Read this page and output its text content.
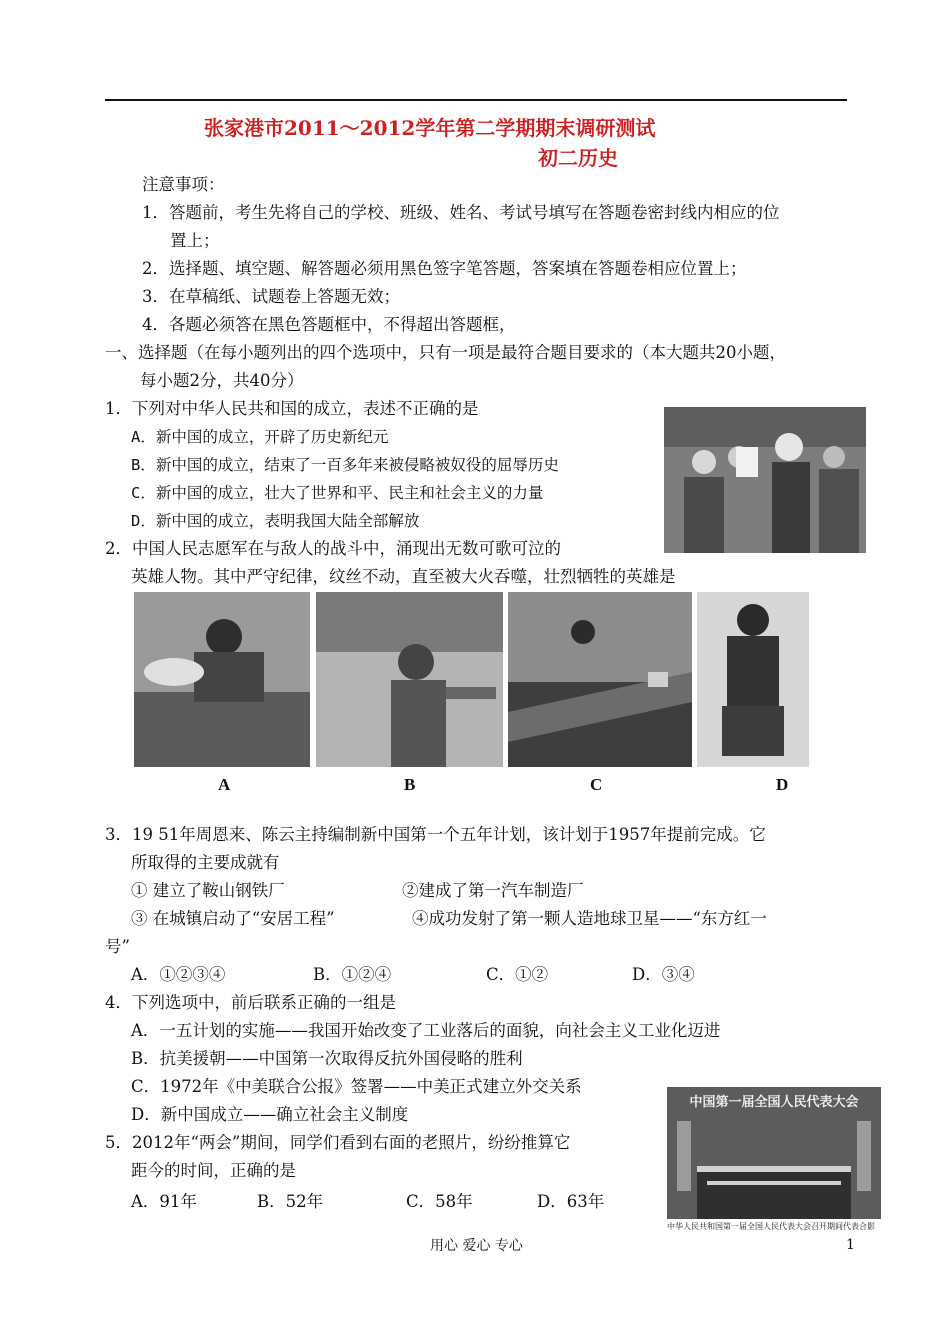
张家港市2011～2012学年第二学期期末调研测试
初二历史
注意事项：
1．答题前，考生先将自己的学校、班级、姓名、考试号填写在答题卷密封线内相应的位
置上；
2．选择题、填空题、解答题必须用黑色签字笔答题，答案填在答题卷相应位置上；
3．在草稿纸、试题卷上答题无效；
4．各题必须答在黑色答题框中，不得超出答题框，
一、选择题（在每小题列出的四个选项中，只有一项是最符合题目要求的（本大题共20小题，
每小题2分，共40分）
1．下列对中华人民共和国的成立，表述不正确的是
A．新中国的成立，开辟了历史新纪元
B．新中国的成立，结束了一百多年来被侵略被奴役的屈辱历史
C．新中国的成立，壮大了世界和平、民主和社会主义的力量
D．新中国的成立，表明我国大陆全部解放
2．中国人民志愿军在与敌人的战斗中，涌现出无数可歌可泣的
英雄人物。其中严守纪律，纹丝不动，直至被大火吞噬，壮烈牺牲的英雄是
A	B	C	D
3．19 51年周恩来、陈云主持编制新中国第一个五年计划，该计划于1957年提前完成。它
所取得的主要成就有
① 建立了鞍山钢铁厂	②建成了第一汽车制造厂
③ 在城镇启动了“安居工程”	④成功发射了第一颗人造地球卫星——“东方红一
号”
A．①②③④	B．①②④	C．①②	D．③④
4．下列选项中，前后联系正确的一组是
A．一五计划的实施——我国开始改变了工业落后的面貌，向社会主义工业化迈进
B．抗美援朝——中国第一次取得反抗外国侵略的胜利
C．1972年《中美联合公报》签署——中美正式建立外交关系
D．新中国成立——确立社会主义制度
5．2012年“两会”期间，同学们看到右面的老照片，纷纷推算它
距今的时间，正确的是
A．91年	B．52年	C．58年	D．63年
中国第一届全国人民代表大会
中华人民共和国第一届全国人民代表大会召开期间代表合影
用心 爱心 专心	1
